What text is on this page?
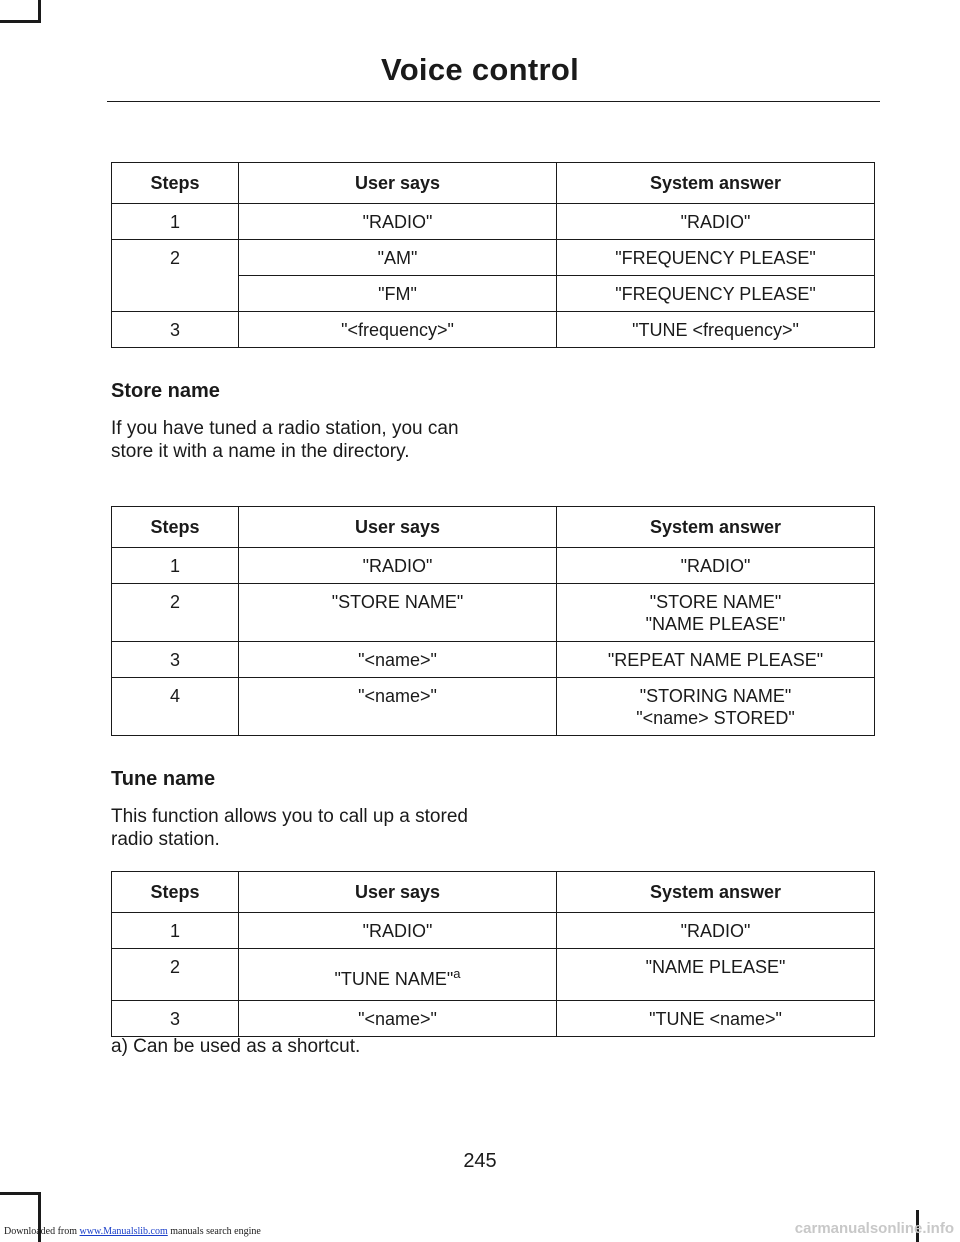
Voice control
Steps	User says	System answer
1	"RADIO"	"RADIO"
2	"AM"	"FREQUENCY PLEASE"
	"FM"	"FREQUENCY PLEASE"
3	"<frequency>"	"TUNE <frequency>"
Store name
If you have tuned a radio station, you can store it with a name in the directory.
Steps	User says	System answer
1	"RADIO"	"RADIO"
2	"STORE NAME"	"STORE NAME"
"NAME PLEASE"
3	"<name>"	"REPEAT NAME PLEASE"
4	"<name>"	"STORING NAME"
"<name> STORED"
Tune name
This function allows you to call up a stored radio station.
Steps	User says	System answer
1	"RADIO"	"RADIO"
2	"TUNE NAME"$^a$	"NAME PLEASE"
3	"<name>"	"TUNE <name>"
a) Can be used as a shortcut.
245
Downloaded from www.Manualslib.com manuals search engine	carmanualsonline.info
